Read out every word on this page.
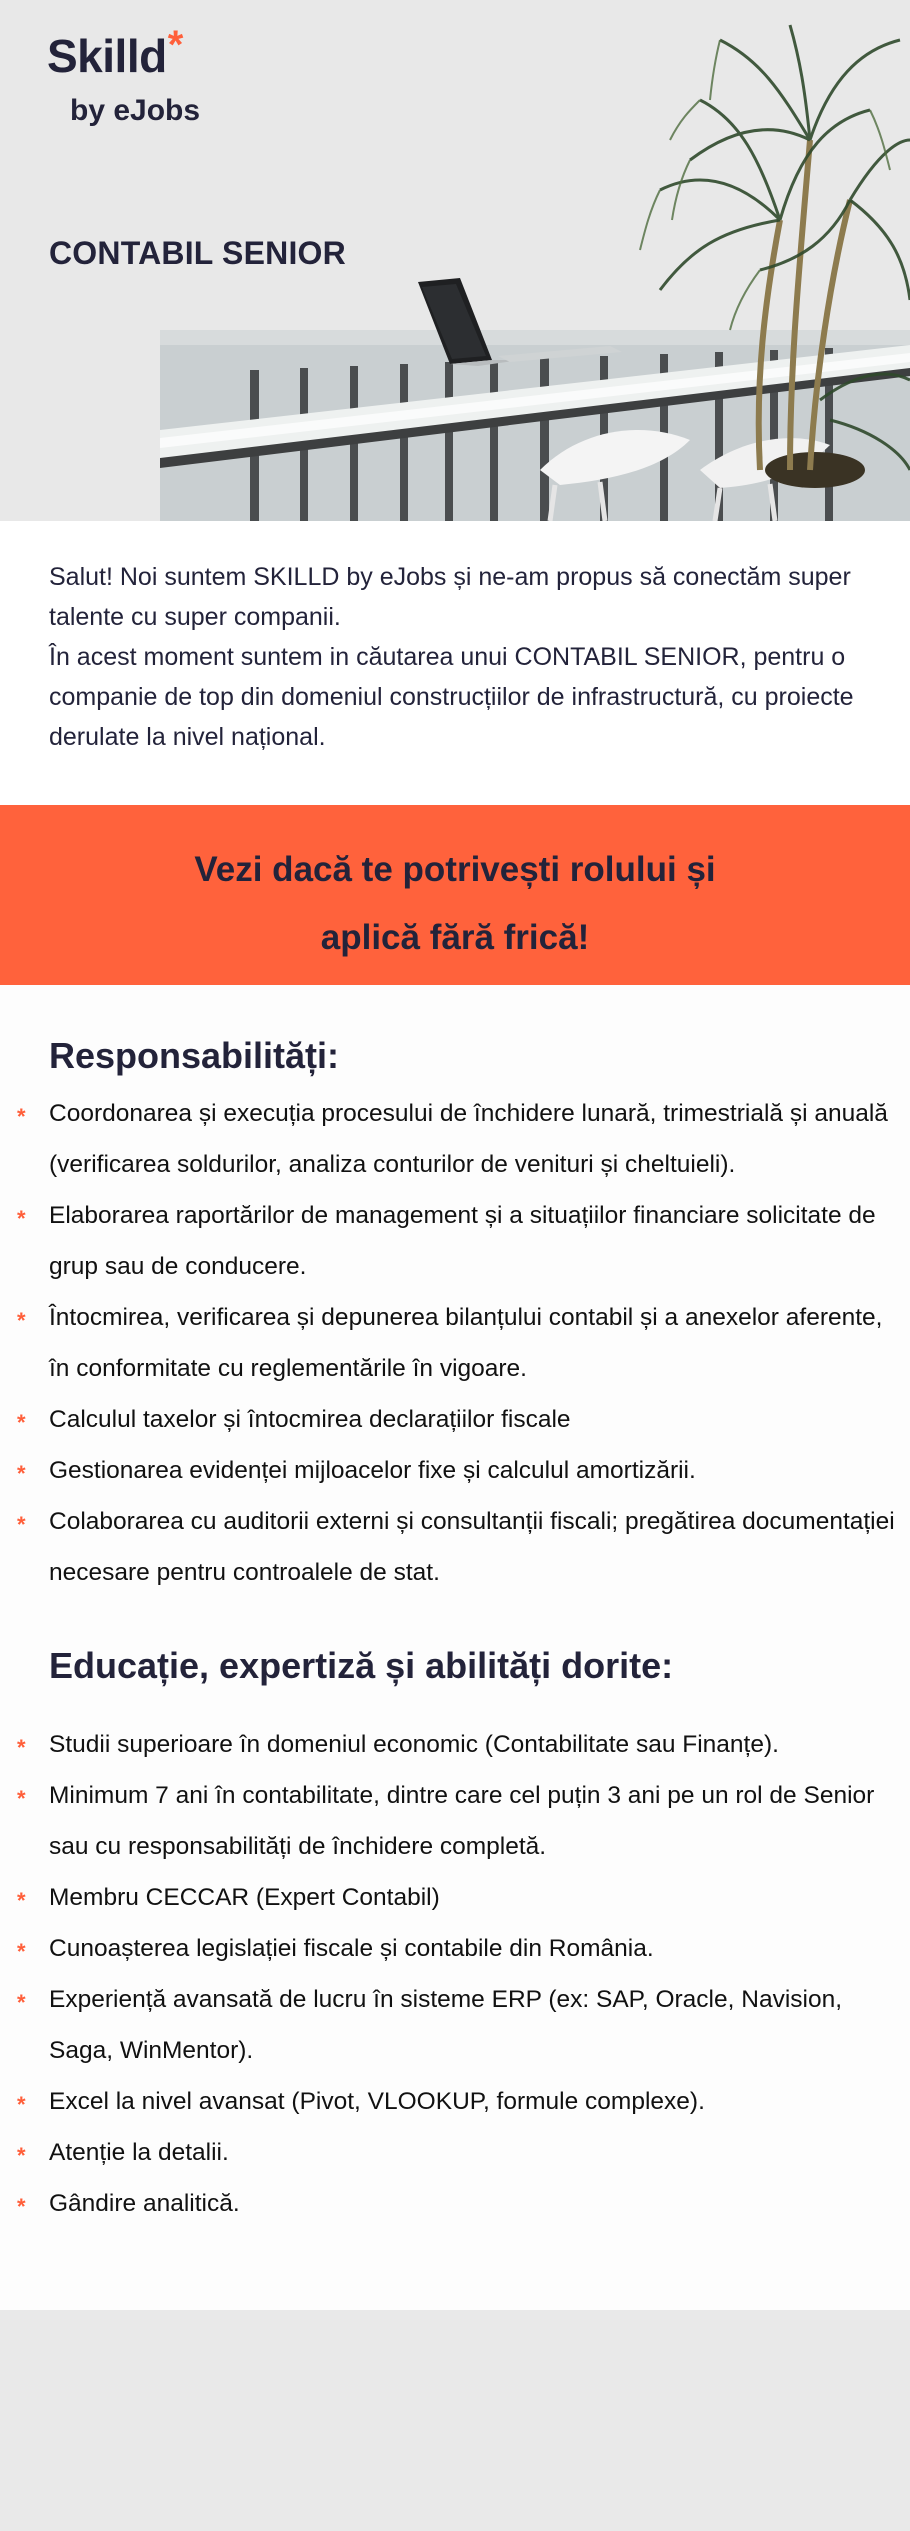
Skilld*
by eJobs
CONTABIL SENIOR

Salut! Noi suntem SKILLD by eJobs și ne-am propus să conectăm super talente cu super companii.
În acest moment suntem in căutarea unui CONTABIL SENIOR, pentru o companie de top din domeniul construcțiilor de infrastructură, cu proiecte derulate la nivel național.

Vezi dacă te potrivești rolului și
aplică fără frică!
Responsabilități:
* Coordonarea și execuția procesului de închidere lunară, trimestrială și anuală (verificarea soldurilor, analiza conturilor de venituri și cheltuieli).
* Elaborarea raportărilor de management și a situațiilor financiare solicitate de grup sau de conducere.
* Întocmirea, verificarea și depunerea bilanțului contabil și a anexelor aferente, în conformitate cu reglementările în vigoare.
* Calculul taxelor și întocmirea declarațiilor fiscale
* Gestionarea evidenței mijloacelor fixe și calculul amortizării.
* Colaborarea cu auditorii externi și consultanții fiscali; pregătirea documentației necesare pentru controalele de stat.
Educație, expertiză și abilități dorite:
* Studii superioare în domeniul economic (Contabilitate sau Finanțe).
* Minimum 7 ani în contabilitate, dintre care cel puțin 3 ani pe un rol de Senior sau cu responsabilități de închidere completă.
* Membru CECCAR (Expert Contabil)
* Cunoașterea legislației fiscale și contabile din România.
* Experiență avansată de lucru în sisteme ERP (ex: SAP, Oracle, Navision, Saga, WinMentor).
* Excel la nivel avansat (Pivot, VLOOKUP, formule complexe).
* Atenție la detalii.
* Gândire analitică.
